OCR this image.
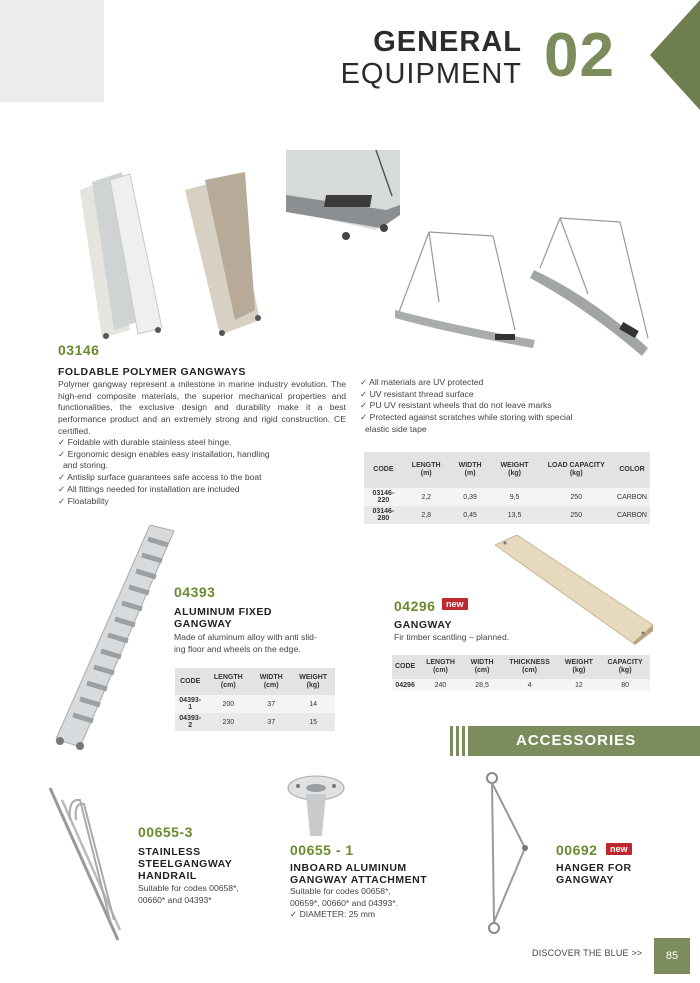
GENERAL
EQUIPMENT 02
03146
FOLDABLE POLYMER GANGWAYS
Polymer gangway represent a milestone in marine industry evolution. The high-end composite materials, the superior mechanical properties and functionalities, the exclusive design and durability make it a best performance product and an extremely strong and rigid construction. CE certified.
✓ Foldable with durable stainless steel hinge.
✓ Ergonomic design enables easy installation, handling
and storing.
✓ Antislip surface guarantees safe access to the boat
✓ All fittings needed for installation are included
✓ Floatability
✓ All materials are UV protected
✓ UV resistant thread surface
✓ PU UV resistant wheels that do not leave marks
✓ Protected against scratches while storing with special
elastic side tape
CODE	LENGTH (m)	WIDTH (m)	WEIGHT (kg)	LOAD CAPACITY (kg)	COLOR
03146-220	2,2	0,39	9,5	250	CARBON
03146-280	2,8	0,45	13,5	250	CARBON
04393
ALUMINUM FIXED
GANGWAY
Made of aluminum alloy with anti slid-
ing floor and wheels on the edge.
CODE	LENGTH (cm)	WIDTH (cm)	WEIGHT (kg)
04393-1	200	37	14
04393-2	230	37	15
04296	new
GANGWAY
Fir timber scantling – planned.
CODE	LENGTH (cm)	WIDTH (cm)	THICKNESS (cm)	WEIGHT (kg)	CAPACITY (kg)
04296	240	28,5	4	12	80
ACCESSORIES
00655-3
STAINLESS
STEELGANGWAY
HANDRAIL
Suitable for codes 00658*,
00660* and 04393*
00655 - 1
INBOARD ALUMINUM
GANGWAY ATTACHMENT
Suitable for codes 00658*,
00659*, 00660* and 04393*.
✓ DIAMETER: 25 mm
00692	new
HANGER FOR
GANGWAY
DISCOVER THE BLUE >>	85
